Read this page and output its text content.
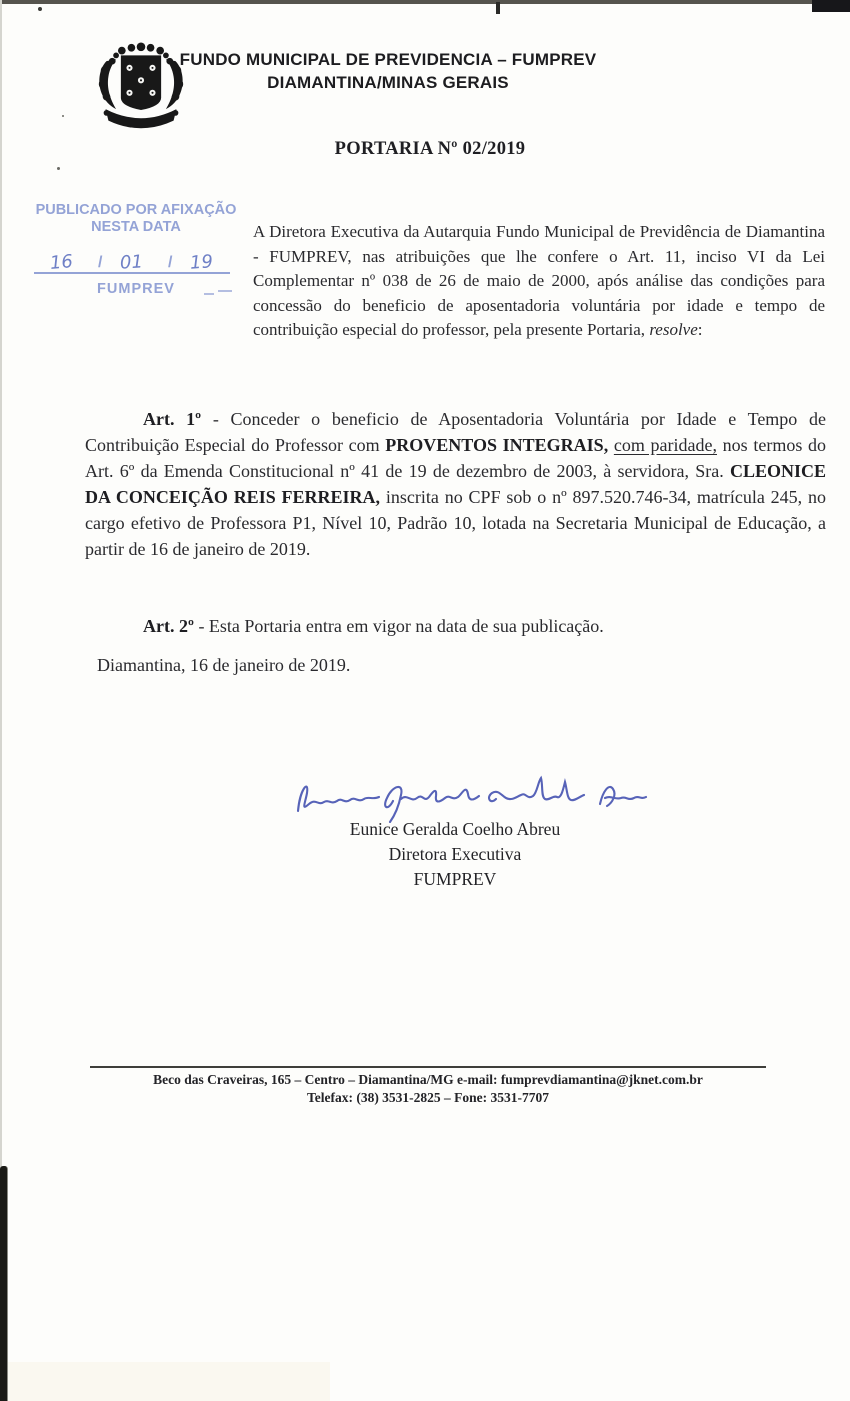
FUNDO MUNICIPAL DE PREVIDENCIA – FUMPREV
DIAMANTINA/MINAS GERAIS
PORTARIA Nº 02/2019
PUBLICADO POR AFIXAÇÃO
NESTA DATA
16 / 01 / 19
FUMPREV

A Diretora Executiva da Autarquia Fundo Municipal de Previdência de Diamantina - FUMPREV, nas atribuições que lhe confere o Art. 11, inciso VI da Lei Complementar nº 038 de 26 de maio de 2000, após análise das condições para concessão do beneficio de aposentadoria voluntária por idade e tempo de contribuição especial do professor, pela presente Portaria, resolve:

Art. 1º - Conceder o beneficio de Aposentadoria Voluntária por Idade e Tempo de Contribuição Especial do Professor com PROVENTOS INTEGRAIS, com paridade, nos termos do Art. 6º da Emenda Constitucional nº 41 de 19 de dezembro de 2003, à servidora, Sra. CLEONICE DA CONCEIÇÃO REIS FERREIRA, inscrita no CPF sob o nº 897.520.746-34, matrícula 245, no cargo efetivo de Professora P1, Nível 10, Padrão 10, lotada na Secretaria Municipal de Educação, a partir de 16 de janeiro de 2019.

Art. 2º - Esta Portaria entra em vigor na data de sua publicação.

Diamantina, 16 de janeiro de 2019.
Eunice Geralda Coelho Abreu
Diretora Executiva
FUMPREV
Beco das Craveiras, 165 – Centro – Diamantina/MG e-mail: fumprevdiamantina@jknet.com.br
Telefax: (38) 3531-2825 – Fone: 3531-7707
